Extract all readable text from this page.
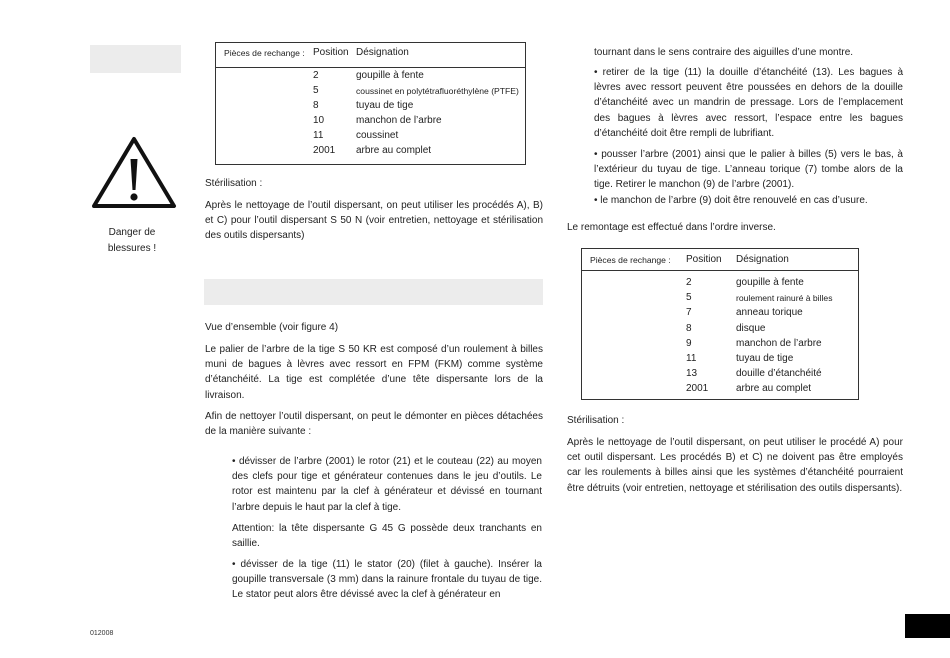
Danger de
blessures !
012008
Pièces de rechange : Position Désignation
2	goupille à fente
5	coussinet en polytétrafluoréthylène (PTFE)
8	tuyau de tige
10	manchon de l’arbre
11	coussinet
2001 arbre au complet

Stérilisation :

Après le nettoyage de l’outil dispersant, on peut utiliser les procédés A), B) et C) pour l’outil dispersant S 50 N (voir entretien, nettoyage et stérilisation des outils dispersants)

Vue d’ensemble (voir figure 4)

Le palier de l’arbre de la tige S 50 KR est composé d’un roulement à billes muni de bagues à lèvres avec ressort en FPM (FKM) comme système d’étanchéité. La tige est complétée d’une tête dispersante lors de la livraison.

Afin de nettoyer l’outil dispersant, on peut le démonter en pièces détachées de la manière suivante :

• dévisser de l’arbre (2001) le rotor (21) et le couteau (22) au moyen des clefs pour tige et générateur contenues dans le jeu d’outils. Le rotor est maintenu par la clef à générateur et dévissé en tournant l’arbre depuis le haut par la clef à tige.

Attention: la tête dispersante G 45 G possède deux tranchants en saillie.

• dévisser de la tige (11) le stator (20) (filet à gauche). Insérer la goupille transversale (3 mm) dans la rainure frontale du tuyau de tige. Le stator peut alors être dévissé avec la clef à générateur en

tournant dans le sens contraire des aiguilles d’une montre.

• retirer de la tige (11) la douille d’étanchéité (13). Les bagues à lèvres avec ressort peuvent être poussées en dehors de la douille d’étanchéité avec un mandrin de pressage. Lors de l’emplacement des bagues à lèvres avec ressort, l’espace entre les bagues d’étanchéité doit être rempli de lubrifiant.

• pousser l’arbre (2001) ainsi que le palier à billes (5) vers le bas, à l’extérieur du tuyau de tige. L’anneau torique (7) tombe alors de la tige. Retirer le manchon (9) de l’arbre (2001).

• le manchon de l’arbre (9) doit être renouvelé en cas d’usure.

Le remontage est effectué dans l’ordre inverse.

Pièces de rechange : Position Désignation
2	goupille à fente
5	roulement rainuré à billes
7	anneau torique
8	disque
9	manchon de l’arbre
11	tuyau de tige
13	douille d’étanchéité
2001	arbre au complet

Stérilisation :

Après le nettoyage de l’outil dispersant, on peut utiliser le procédé A) pour cet outil dispersant. Les procédés B) et C) ne doivent pas être employés car les roulements à billes ainsi que les systèmes d’étanchéité pourraient être détruits (voir entretien, nettoyage et stérilisation des outils dispersants).
